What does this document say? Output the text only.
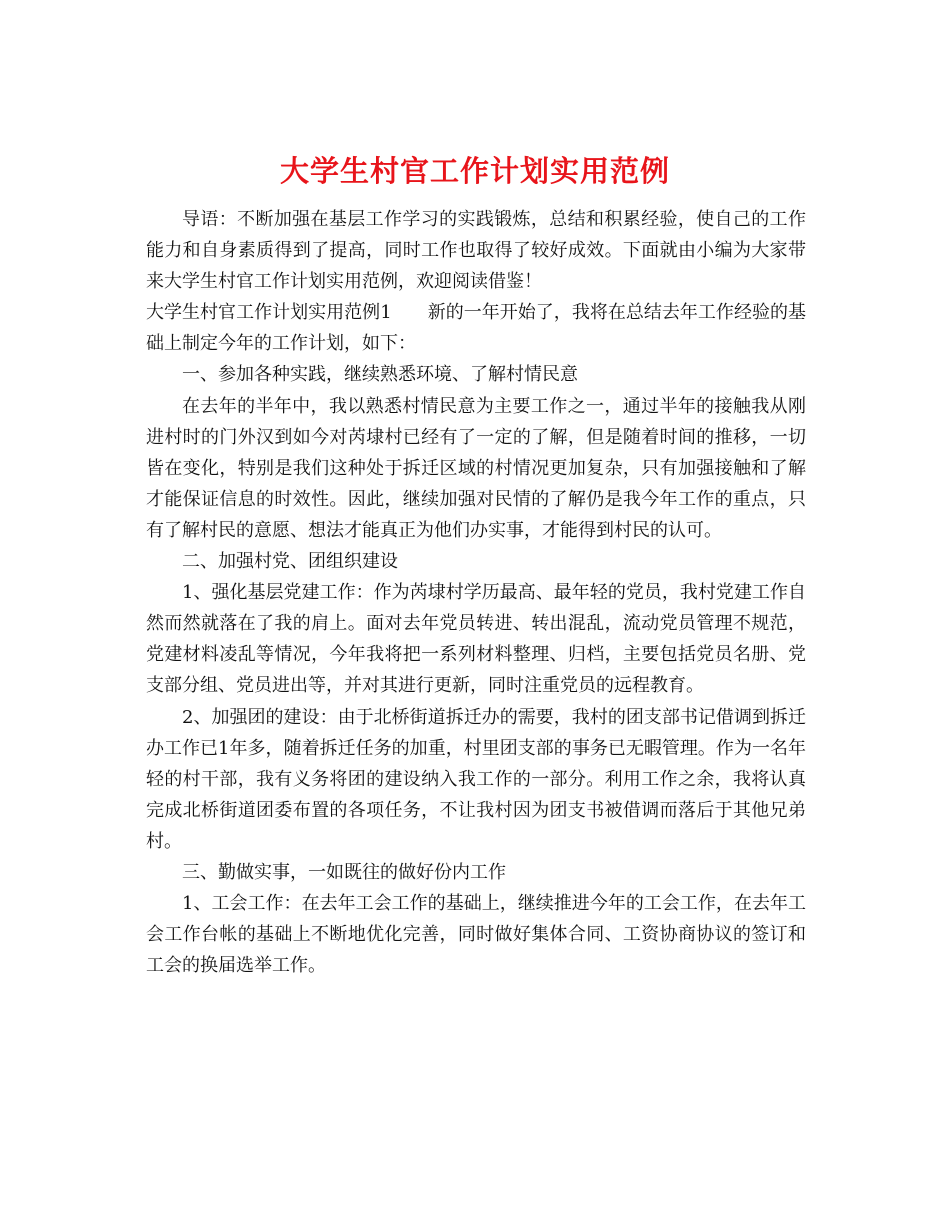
大学生村官工作计划实用范例

导语：不断加强在基层工作学习的实践锻炼，总结和积累经验，使自己的工作能力和自身素质得到了提高，同时工作也取得了较好成效。下面就由小编为大家带来大学生村官工作计划实用范例，欢迎阅读借鉴！

大学生村官工作计划实用范例1　　新的一年开始了，我将在总结去年工作经验的基础上制定今年的工作计划，如下：

一、参加各种实践，继续熟悉环境、了解村情民意

在去年的半年中，我以熟悉村情民意为主要工作之一，通过半年的接触我从刚进村时的门外汉到如今对芮埭村已经有了一定的了解，但是随着时间的推移，一切皆在变化，特别是我们这种处于拆迁区域的村情况更加复杂，只有加强接触和了解才能保证信息的时效性。因此，继续加强对民情的了解仍是我今年工作的重点，只有了解村民的意愿、想法才能真正为他们办实事，才能得到村民的认可。

二、加强村党、团组织建设

1、强化基层党建工作：作为芮埭村学历最高、最年轻的党员，我村党建工作自然而然就落在了我的肩上。面对去年党员转进、转出混乱，流动党员管理不规范，党建材料凌乱等情况，今年我将把一系列材料整理、归档，主要包括党员名册、党支部分组、党员进出等，并对其进行更新，同时注重党员的远程教育。

2、加强团的建设：由于北桥街道拆迁办的需要，我村的团支部书记借调到拆迁办工作已1年多，随着拆迁任务的加重，村里团支部的事务已无暇管理。作为一名年轻的村干部，我有义务将团的建设纳入我工作的一部分。利用工作之余，我将认真完成北桥街道团委布置的各项任务，不让我村因为团支书被借调而落后于其他兄弟村。

三、勤做实事，一如既往的做好份内工作

1、工会工作：在去年工会工作的基础上，继续推进今年的工会工作，在去年工会工作台帐的基础上不断地优化完善，同时做好集体合同、工资协商协议的签订和工会的换届选举工作。
